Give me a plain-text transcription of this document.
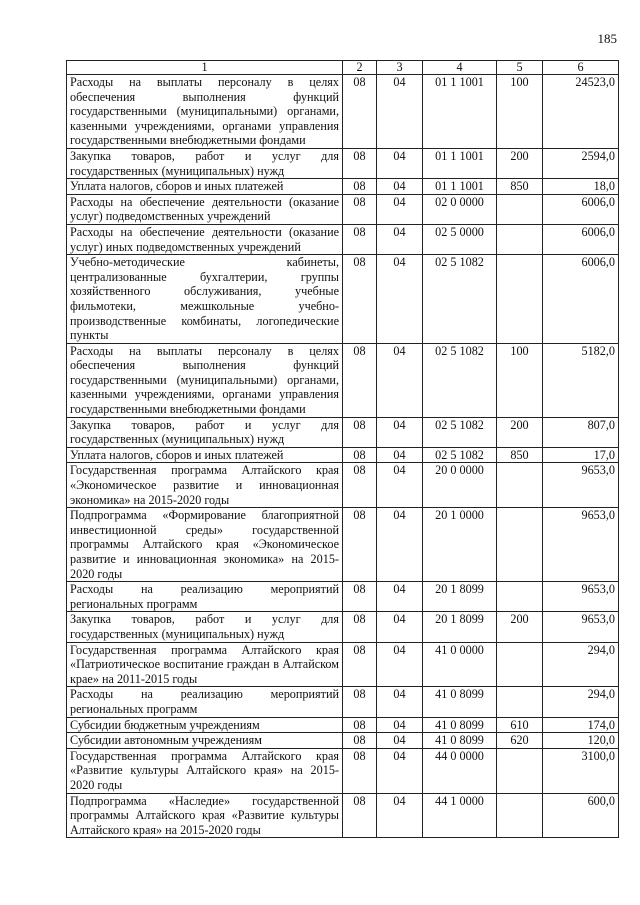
185
1	2	3	4	5	6
Расходы на выплаты персоналу в целях обеспечения выполнения функций государственными (муниципальными) органами, казенными учреждениями, органами управления государственными внебюджетными фондами	08	04	01 1 1001	100	24523,0
Закупка товаров, работ и услуг для государственных (муниципальных) нужд	08	04	01 1 1001	200	2594,0
Уплата налогов, сборов и иных платежей	08	04	01 1 1001	850	18,0
Расходы на обеспечение деятельности (оказание услуг) подведомственных учреждений	08	04	02 0 0000		6006,0
Расходы на обеспечение деятельности (оказание услуг) иных подведомственных учреждений	08	04	02 5 0000		6006,0
Учебно-методические кабинеты, централизованные бухгалтерии, группы хозяйственного обслуживания, учебные фильмотеки, межшкольные учебно-производственные комбинаты, логопедические пункты	08	04	02 5 1082		6006,0
Расходы на выплаты персоналу в целях обеспечения выполнения функций государственными (муниципальными) органами, казенными учреждениями, органами управления государственными внебюджетными фондами	08	04	02 5 1082	100	5182,0
Закупка товаров, работ и услуг для государственных (муниципальных) нужд	08	04	02 5 1082	200	807,0
Уплата налогов, сборов и иных платежей	08	04	02 5 1082	850	17,0
Государственная программа Алтайского края «Экономическое развитие и инновационная экономика» на 2015-2020 годы	08	04	20 0 0000		9653,0
Подпрограмма «Формирование благоприятной инвестиционной среды» государственной программы Алтайского края «Экономическое развитие и инновационная экономика» на 2015-2020 годы	08	04	20 1 0000		9653,0
Расходы на реализацию мероприятий региональных программ	08	04	20 1 8099		9653,0
Закупка товаров, работ и услуг для государственных (муниципальных) нужд	08	04	20 1 8099	200	9653,0
Государственная программа Алтайского края «Патриотическое воспитание граждан в Алтайском крае» на 2011-2015 годы	08	04	41 0 0000		294,0
Расходы на реализацию мероприятий региональных программ	08	04	41 0 8099		294,0
Субсидии бюджетным учреждениям	08	04	41 0 8099	610	174,0
Субсидии автономным учреждениям	08	04	41 0 8099	620	120,0
Государственная программа Алтайского края «Развитие культуры Алтайского края» на 2015-2020 годы	08	04	44 0 0000		3100,0
Подпрограмма «Наследие» государственной программы Алтайского края «Развитие культуры Алтайского края» на 2015-2020 годы	08	04	44 1 0000		600,0
